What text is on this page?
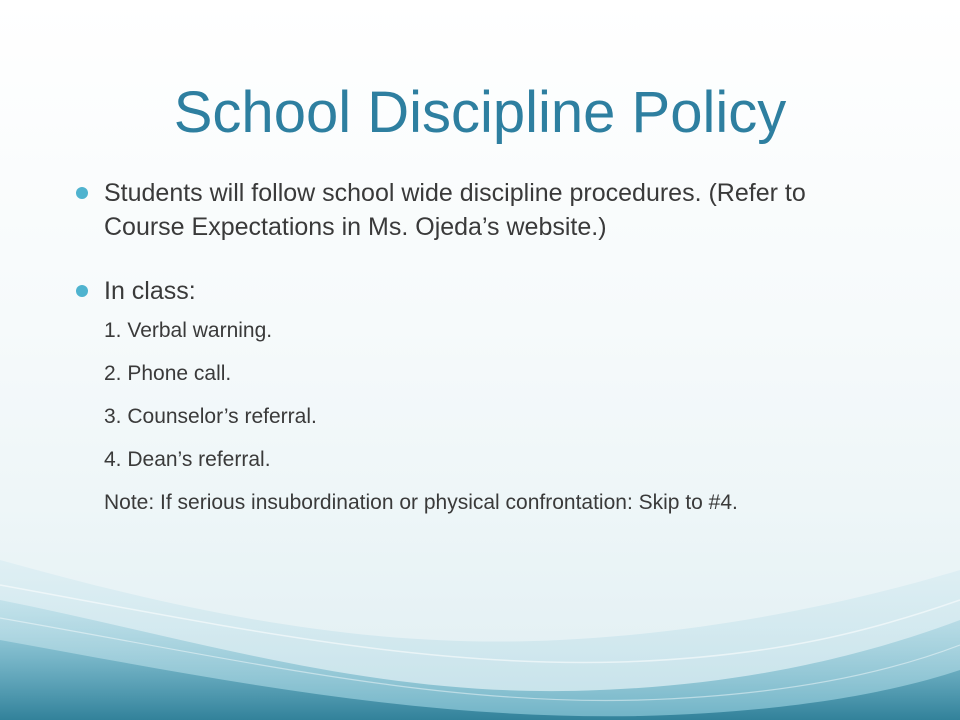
School Discipline Policy
Students will follow school wide discipline procedures. (Refer to Course Expectations in Ms. Ojeda’s website.)
In class:
1. Verbal warning.
2. Phone call.
3. Counselor’s referral.
4. Dean’s referral.
Note: If serious insubordination or physical confrontation: Skip to #4.
